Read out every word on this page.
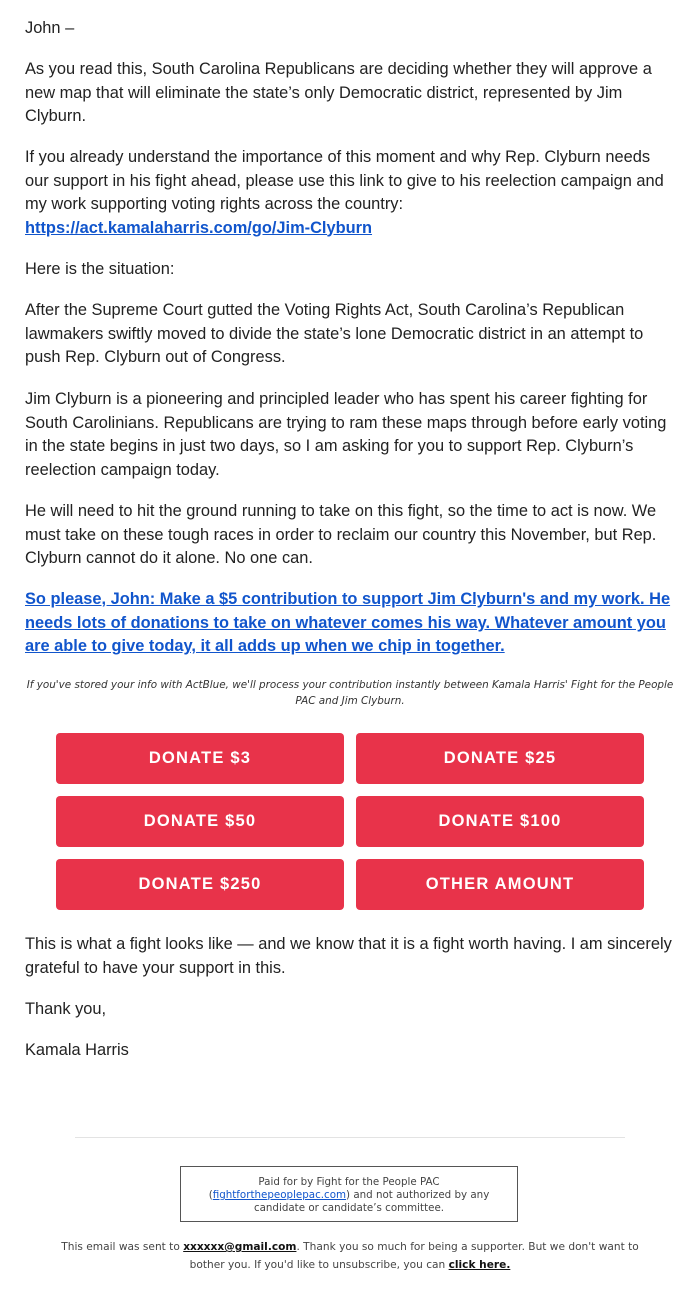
John –

As you read this, South Carolina Republicans are deciding whether they will approve a new map that will eliminate the state’s only Democratic district, represented by Jim Clyburn.

If you already understand the importance of this moment and why Rep. Clyburn needs our support in his fight ahead, please use this link to give to his reelection campaign and my work supporting voting rights across the country: https://act.kamalaharris.com/go/Jim-Clyburn

Here is the situation:

After the Supreme Court gutted the Voting Rights Act, South Carolina’s Republican lawmakers swiftly moved to divide the state’s lone Democratic district in an attempt to push Rep. Clyburn out of Congress.

Jim Clyburn is a pioneering and principled leader who has spent his career fighting for South Carolinians. Republicans are trying to ram these maps through before early voting in the state begins in just two days, so I am asking for you to support Rep. Clyburn’s reelection campaign today.

He will need to hit the ground running to take on this fight, so the time to act is now. We must take on these tough races in order to reclaim our country this November, but Rep. Clyburn cannot do it alone. No one can.

So please, John: Make a $5 contribution to support Jim Clyburn's and my work. He needs lots of donations to take on whatever comes his way. Whatever amount you are able to give today, it all adds up when we chip in together.

If you've stored your info with ActBlue, we'll process your contribution instantly between Kamala Harris' Fight for the People PAC and Jim Clyburn.

DONATE $3	DONATE $25
DONATE $50	DONATE $100
DONATE $250	OTHER AMOUNT

This is what a fight looks like — and we know that it is a fight worth having. I am sincerely grateful to have your support in this.

Thank you,

Kamala Harris

Paid for by Fight for the People PAC
(fightforthepeoplepac.com) and not authorized by any
candidate or candidate’s committee.
This email was sent to xxxxxx@gmail.com. Thank you so much for being a supporter. But we don't want to bother you. If you'd like to unsubscribe, you can click here.
